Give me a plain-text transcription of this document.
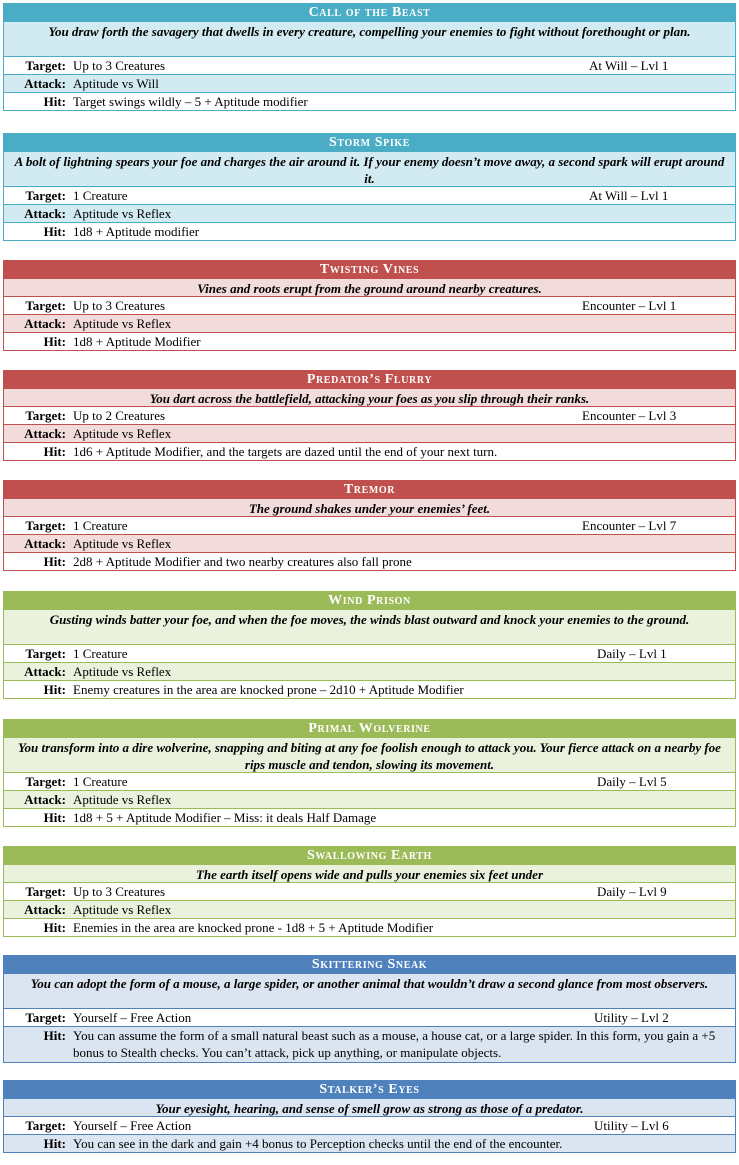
Call of the Beast
You draw forth the savagery that dwells in every creature, compelling your enemies to fight without forethought or plan.
Target: Up to 3 Creatures	At Will – Lvl 1
Attack: Aptitude vs Will
Hit: Target swings wildly – 5 + Aptitude modifier
Storm Spike
A bolt of lightning spears your foe and charges the air around it. If your enemy doesn’t move away, a second spark will erupt around it.
Target: 1 Creature	At Will – Lvl 1
Attack: Aptitude vs Reflex
Hit: 1d8 + Aptitude modifier
Twisting Vines
Vines and roots erupt from the ground around nearby creatures.
Target: Up to 3 Creatures	Encounter – Lvl 1
Attack: Aptitude vs Reflex
Hit: 1d8 + Aptitude Modifier
Predator’s Flurry
You dart across the battlefield, attacking your foes as you slip through their ranks.
Target: Up to 2 Creatures	Encounter – Lvl 3
Attack: Aptitude vs Reflex
Hit: 1d6 + Aptitude Modifier, and the targets are dazed until the end of your next turn.
Tremor
The ground shakes under your enemies’ feet.
Target: 1 Creature	Encounter – Lvl 7
Attack: Aptitude vs Reflex
Hit: 2d8 + Aptitude Modifier and two nearby creatures also fall prone
Wind Prison
Gusting winds batter your foe, and when the foe moves, the winds blast outward and knock your enemies to the ground.
Target: 1 Creature	Daily – Lvl 1
Attack: Aptitude vs Reflex
Hit: Enemy creatures in the area are knocked prone – 2d10 + Aptitude Modifier
Primal Wolverine
You transform into a dire wolverine, snapping and biting at any foe foolish enough to attack you. Your fierce attack on a nearby foe rips muscle and tendon, slowing its movement.
Target: 1 Creature	Daily – Lvl 5
Attack: Aptitude vs Reflex
Hit: 1d8 + 5 + Aptitude Modifier – Miss: it deals Half Damage
Swallowing Earth
The earth itself opens wide and pulls your enemies six feet under
Target: Up to 3 Creatures	Daily – Lvl 9
Attack: Aptitude vs Reflex
Hit: Enemies in the area are knocked prone - 1d8 + 5 + Aptitude Modifier
Skittering Sneak
You can adopt the form of a mouse, a large spider, or another animal that wouldn’t draw a second glance from most observers.
Target: Yourself – Free Action	Utility – Lvl 2
Hit: You can assume the form of a small natural beast such as a mouse, a house cat, or a large spider. In this form, you gain a +5 bonus to Stealth checks. You can’t attack, pick up anything, or manipulate objects.
Stalker’s Eyes
Your eyesight, hearing, and sense of smell grow as strong as those of a predator.
Target: Yourself – Free Action	Utility – Lvl 6
Hit: You can see in the dark and gain +4 bonus to Perception checks until the end of the encounter.
